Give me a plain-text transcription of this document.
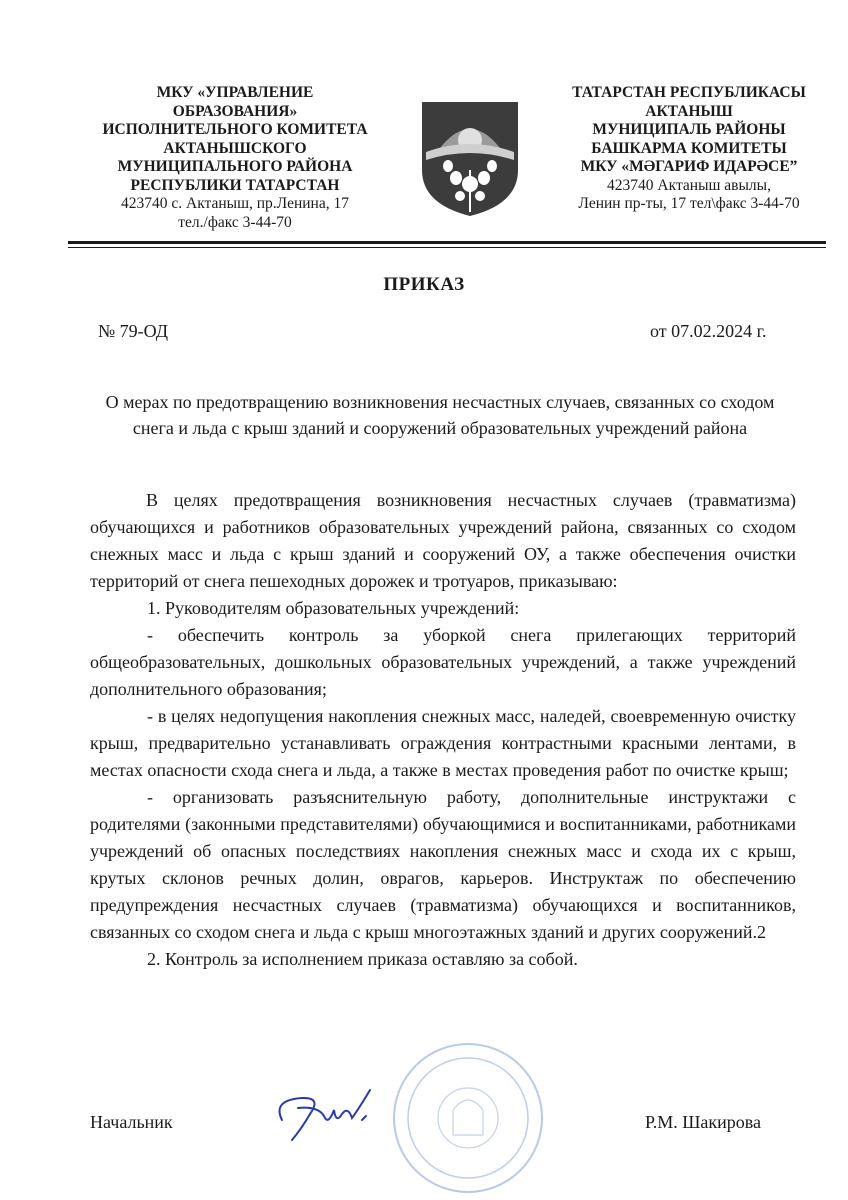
МКУ «УПРАВЛЕНИЕ
ОБРАЗОВАНИЯ»
ИСПОЛНИТЕЛЬНОГО КОМИТЕТА
АКТАНЫШСКОГО
МУНИЦИПАЛЬНОГО РАЙОНА
РЕСПУБЛИКИ ТАТАРСТАН
423740 с. Актаныш, пр.Ленина, 17
тел./факс 3-44-70
ТАТАРСТАН РЕСПУБЛИКАСЫ
АКТАНЫШ
МУНИЦИПАЛЬ РАЙОНЫ
БАШКАРМА КОМИТЕТЫ
МКУ «МӘГАРИФ ИДАРӘСЕ”
423740 Актаныш авылы,
Ленин пр-ты, 17 тел\факс 3-44-70
ПРИКАЗ
№ 79-ОД	от 07.02.2024 г.
О мерах по предотвращению возникновения несчастных случаев, связанных со сходом снега и льда с крыш зданий и сооружений образовательных учреждений района

В целях предотвращения возникновения несчастных случаев (травматизма) обучающихся и работников образовательных учреждений района, связанных со сходом снежных масс и льда с крыш зданий и сооружений ОУ, а также обеспечения очистки территорий от снега пешеходных дорожек и тротуаров, приказываю:

1. Руководителям образовательных учреждений:

- обеспечить контроль за уборкой снега прилегающих территорий общеобразовательных, дошкольных образовательных учреждений, а также учреждений дополнительного образования;

- в целях недопущения накопления снежных масс, наледей, своевременную очистку крыш, предварительно устанавливать ограждения контрастными красными лентами, в местах опасности схода снега и льда, а также в местах проведения работ по очистке крыш;

- организовать разъяснительную работу, дополнительные инструктажи с родителями (законными представителями) обучающимися и воспитанниками, работниками учреждений об опасных последствиях накопления снежных масс и схода их с крыш, крутых склонов речных долин, оврагов, карьеров. Инструктаж по обеспечению предупреждения несчастных случаев (травматизма) обучающихся и воспитанников, связанных со сходом снега и льда с крыш многоэтажных зданий и других сооружений.2

2. Контроль за исполнением приказа оставляю за собой.

Начальник	Р.М. Шакирова
